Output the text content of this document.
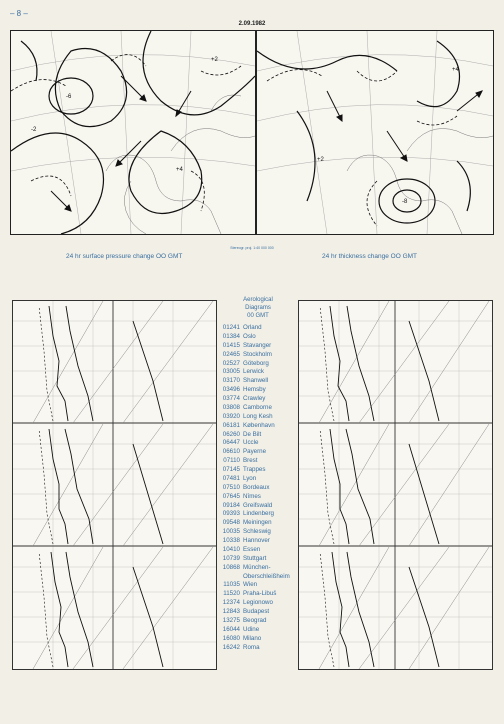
– 8 –
2.09.1982
-6
+4
-2
+2
-8
+4
+2
Stereogr. proj. 1:40 000 000
24 hr surface pressure change OO GMT	24 hr thickness change OO GMT
Aerological
Diagrams
00 GMT
01241 Orland
01384 Oslo
01415 Stavanger
02465 Stockholm
02527 Göteborg
03005 Lerwick
03170 Shanwell
03496 Hemsby
03774 Crawley
03808 Camborne
03920 Long Kesh
06181 København
06260 De Bilt
06447 Uccle
06610 Payerne
07110 Brest
07145 Trappes
07481 Lyon
07510 Bordeaux
07645 Nîmes
09184 Greifswald
09393 Lindenberg
09548 Meiningen
10035 Schleswig
10338 Hannover
10410 Essen
10739 Stuttgart
10868 München-
Oberschleißheim
11035 Wien
11520 Praha-Libuš
12374 Legionowo
12843 Budapest
13275 Beograd
16044 Udine
16080 Milano
16242 Roma
